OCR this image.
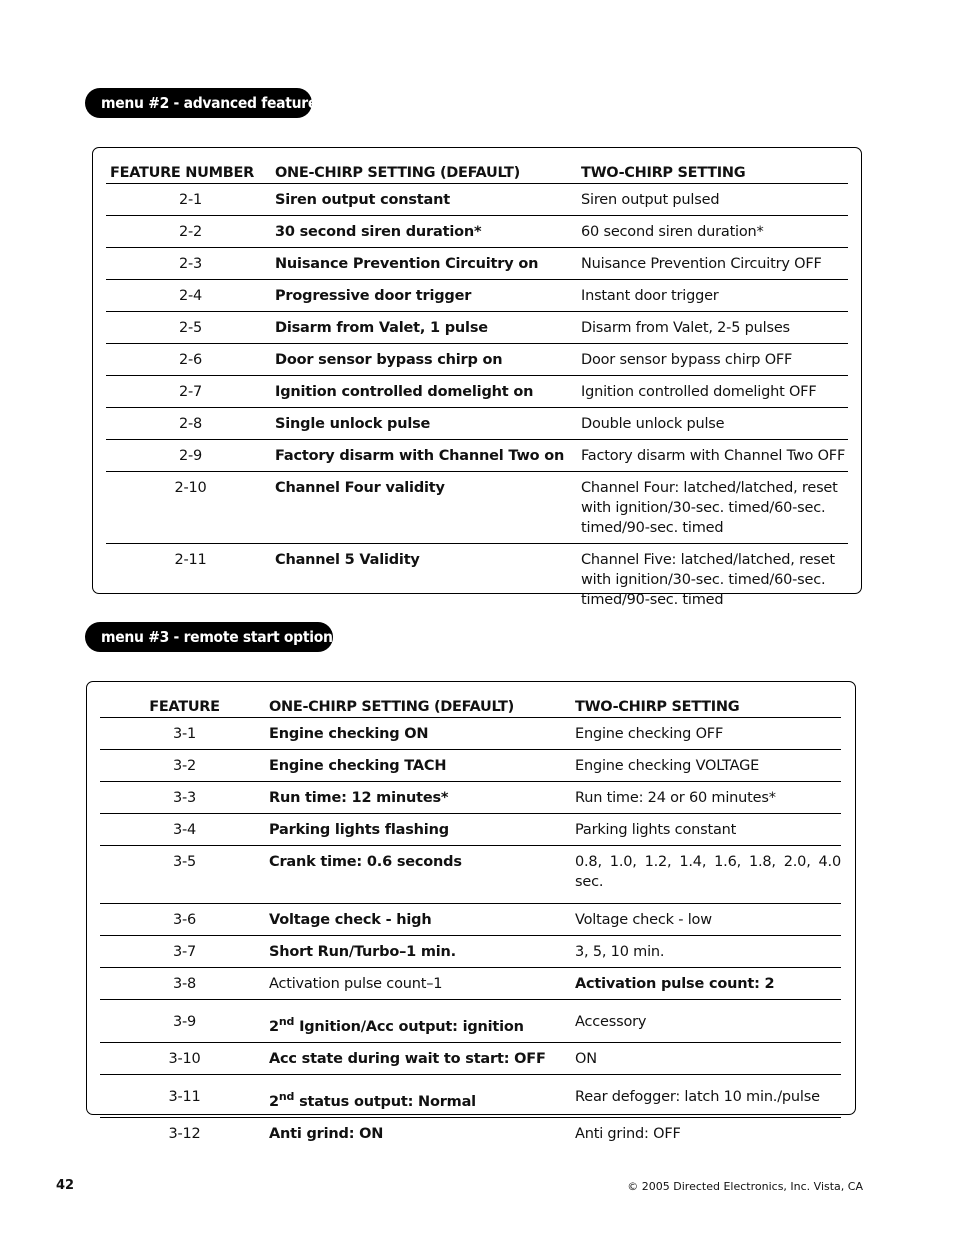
menu #2 - advanced features
FEATURE NUMBER	ONE-CHIRP SETTING (DEFAULT)	TWO-CHIRP SETTING
2-1	Siren output constant	Siren output pulsed
2-2	30 second siren duration*	60 second siren duration*
2-3	Nuisance Prevention Circuitry on	Nuisance Prevention Circuitry OFF
2-4	Progressive door trigger	Instant door trigger
2-5	Disarm from Valet, 1 pulse	Disarm from Valet, 2-5 pulses
2-6	Door sensor bypass chirp on	Door sensor bypass chirp OFF
2-7	Ignition controlled domelight on	Ignition controlled domelight OFF
2-8	Single unlock pulse	Double unlock pulse
2-9	Factory disarm with Channel Two on	Factory disarm with Channel Two OFF
2-10	Channel Four validity	Channel Four: latched/latched, reset with ignition/30-sec. timed/60-sec. timed/90-sec. timed
2-11	Channel 5 Validity	Channel Five: latched/latched, reset with ignition/30-sec. timed/60-sec. timed/90-sec. timed
menu #3 - remote start options
FEATURE	ONE-CHIRP SETTING (DEFAULT)	TWO-CHIRP SETTING
3-1	Engine checking ON	Engine checking OFF
3-2	Engine checking TACH	Engine checking VOLTAGE
3-3	Run time: 12 minutes*	Run time: 24 or 60 minutes*
3-4	Parking lights flashing	Parking lights constant
3-5	Crank time: 0.6 seconds	0.8, 1.0, 1.2, 1.4, 1.6, 1.8, 2.0, 4.0 sec.
3-6	Voltage check - high	Voltage check - low
3-7	Short Run/Turbo–1 min.	3, 5, 10 min.
3-8	Activation pulse count–1	Activation pulse count: 2
3-9	2nd Ignition/Acc output: ignition	Accessory
3-10	Acc state during wait to start: OFF	ON
3-11	2nd status output: Normal	Rear defogger: latch 10 min./pulse
3-12	Anti grind: ON	Anti grind: OFF
42	© 2005 Directed Electronics, Inc. Vista, CA
